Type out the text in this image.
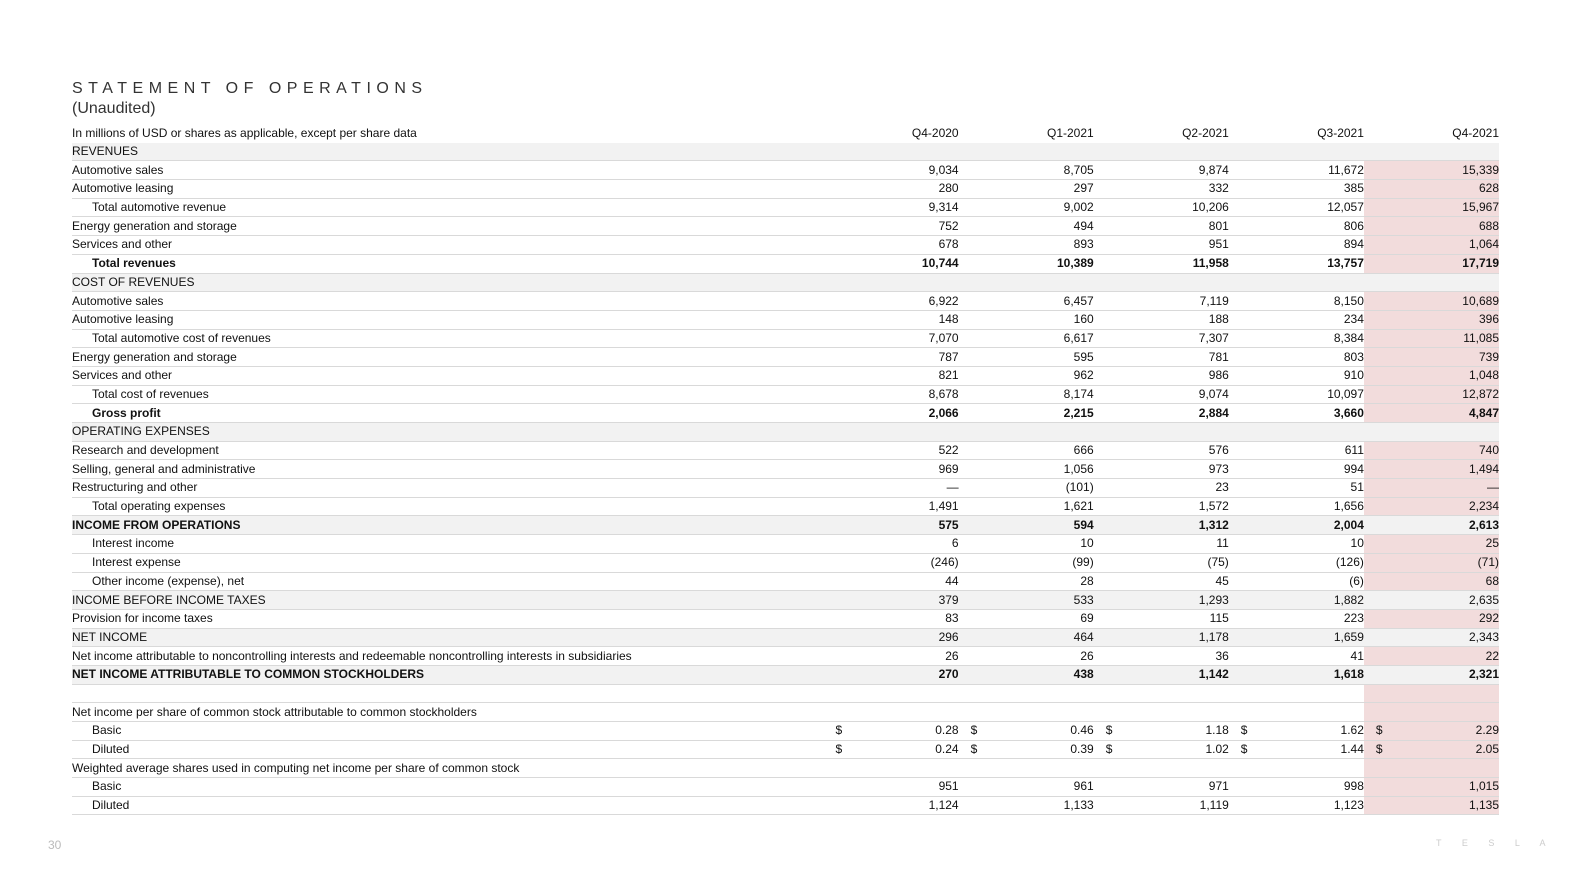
STATEMENT OF OPERATIONS
(Unaudited)
In millions of USD or shares as applicable, except per share data	Q4-2020	Q1-2021	Q2-2021	Q3-2021	Q4-2021
REVENUES					
Automotive sales	9,034	8,705	9,874	11,672	15,339
Automotive leasing	280	297	332	385	628
Total automotive revenue	9,314	9,002	10,206	12,057	15,967
Energy generation and storage	752	494	801	806	688
Services and other	678	893	951	894	1,064
Total revenues	10,744	10,389	11,958	13,757	17,719
COST OF REVENUES					
Automotive sales	6,922	6,457	7,119	8,150	10,689
Automotive leasing	148	160	188	234	396
Total automotive cost of revenues	7,070	6,617	7,307	8,384	11,085
Energy generation and storage	787	595	781	803	739
Services and other	821	962	986	910	1,048
Total cost of revenues	8,678	8,174	9,074	10,097	12,872
Gross profit	2,066	2,215	2,884	3,660	4,847
OPERATING EXPENSES					
Research and development	522	666	576	611	740
Selling, general and administrative	969	1,056	973	994	1,494
Restructuring and other	—	(101)	23	51	—
Total operating expenses	1,491	1,621	1,572	1,656	2,234
INCOME FROM OPERATIONS	575	594	1,312	2,004	2,613
Interest income	6	10	11	10	25
Interest expense	(246)	(99)	(75)	(126)	(71)
Other income (expense), net	44	28	45	(6)	68
INCOME BEFORE INCOME TAXES	379	533	1,293	1,882	2,635
Provision for income taxes	83	69	115	223	292
NET INCOME	296	464	1,178	1,659	2,343
Net income attributable to noncontrolling interests and redeemable noncontrolling interests in subsidiaries	26	26	36	41	22
NET INCOME ATTRIBUTABLE TO COMMON STOCKHOLDERS	270	438	1,142	1,618	2,321

Net income per share of common stock attributable to common stockholders					
Basic	$ 0.28	$ 0.46	$ 1.18	$ 1.62	$ 2.29
Diluted	$ 0.24	$ 0.39	$ 1.02	$ 1.44	$ 2.05
Weighted average shares used in computing net income per share of common stock					
Basic	951	961	971	998	1,015
Diluted	1,124	1,133	1,119	1,123	1,135
30	T E S L A
